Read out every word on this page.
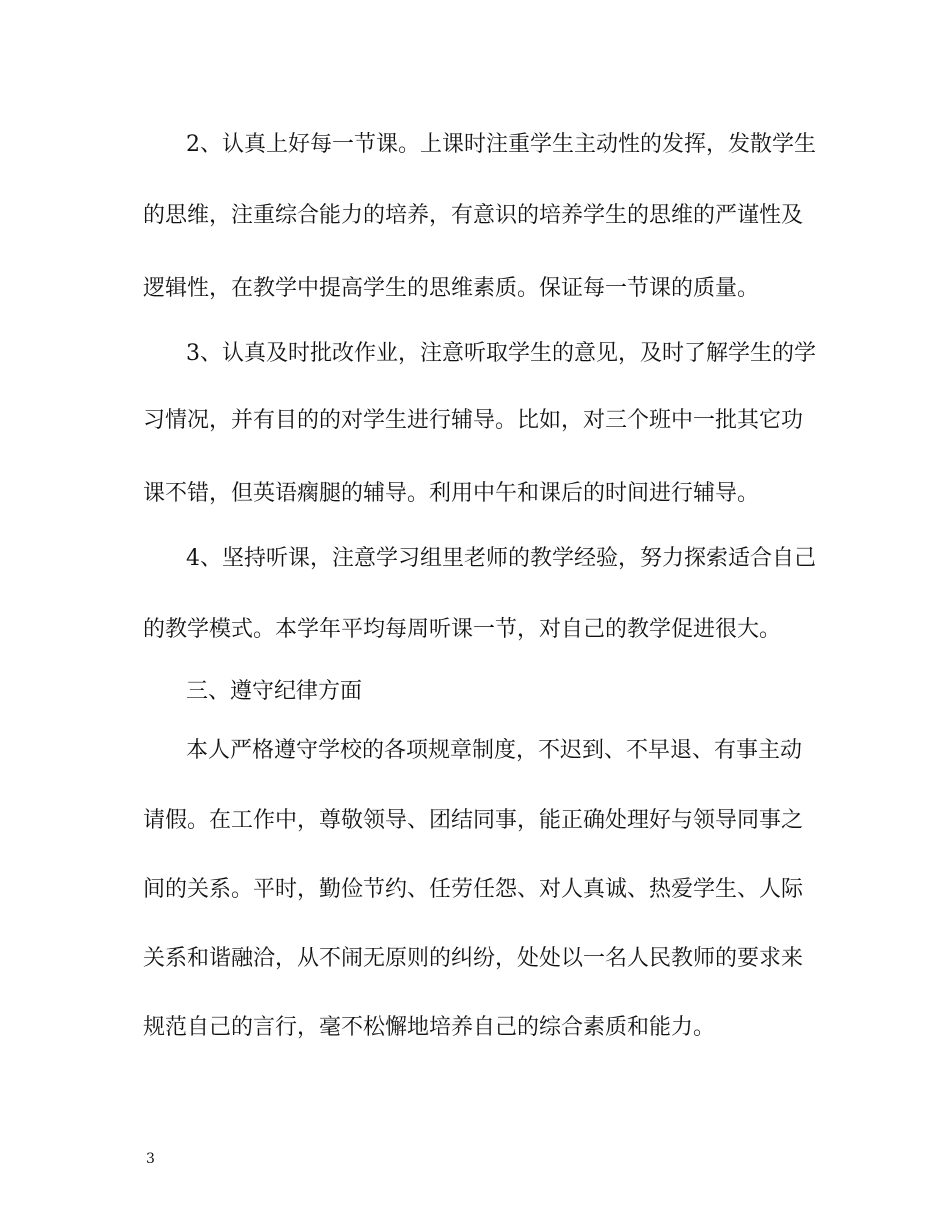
2、认真上好每一节课。上课时注重学生主动性的发挥，发散学生
的思维，注重综合能力的培养，有意识的培养学生的思维的严谨性及
逻辑性，在教学中提高学生的思维素质。保证每一节课的质量。
3、认真及时批改作业，注意听取学生的意见，及时了解学生的学
习情况，并有目的的对学生进行辅导。比如，对三个班中一批其它功
课不错，但英语瘸腿的辅导。利用中午和课后的时间进行辅导。
4、坚持听课，注意学习组里老师的教学经验，努力探索适合自己
的教学模式。本学年平均每周听课一节，对自己的教学促进很大。
三、遵守纪律方面
本人严格遵守学校的各项规章制度，不迟到、不早退、有事主动
请假。在工作中，尊敬领导、团结同事，能正确处理好与领导同事之
间的关系。平时，勤俭节约、任劳任怨、对人真诚、热爱学生、人际
关系和谐融洽，从不闹无原则的纠纷，处处以一名人民教师的要求来
规范自己的言行，毫不松懈地培养自己的综合素质和能力。
3
